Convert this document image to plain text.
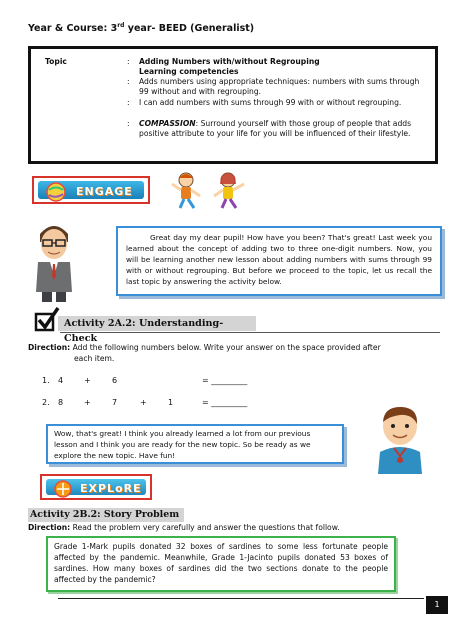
Year & Course: 3rd year- BEED (Generalist)
Topic	: Adding Numbers with/without Regrouping
Learning competencies
: Adds numbers using appropriate techniques: numbers with sums through 99 without and with regrouping.
: I can add numbers with sums through 99 with or without regrouping.
: COMPASSION: Surround yourself with those group of people that adds positive attribute to your life for you will be influenced of their lifestyle.
ENGAGE
Great day my dear pupil! How have you been? That's great! Last week you learned about the concept of adding two to three one-digit numbers. Now, you will be learning another new lesson about adding numbers with sums through 99 with or without regrouping. But before we proceed to the topic, let us recall the last topic by answering the activity below.
Activity 2A.2: Understanding-Check
Direction: Add the following numbers below. Write your answer on the space provided after
each item.
1. 4	+	6	= _________
2. 8	+	7	+	1	= _________
Wow, that's great! I think you already learned a lot from our previous lesson and I think you are ready for the new topic. So be ready as we explore the new topic. Have fun!
EXPLoRE
Activity 2B.2: Story Problem
Direction: Read the problem very carefully and answer the questions that follow.
Grade 1-Mark pupils donated 32 boxes of sardines to some less fortunate people affected by the pandemic. Meanwhile, Grade 1-Jacinto pupils donated 53 boxes of sardines. How many boxes of sardines did the two sections donate to the people affected by the pandemic?
1
